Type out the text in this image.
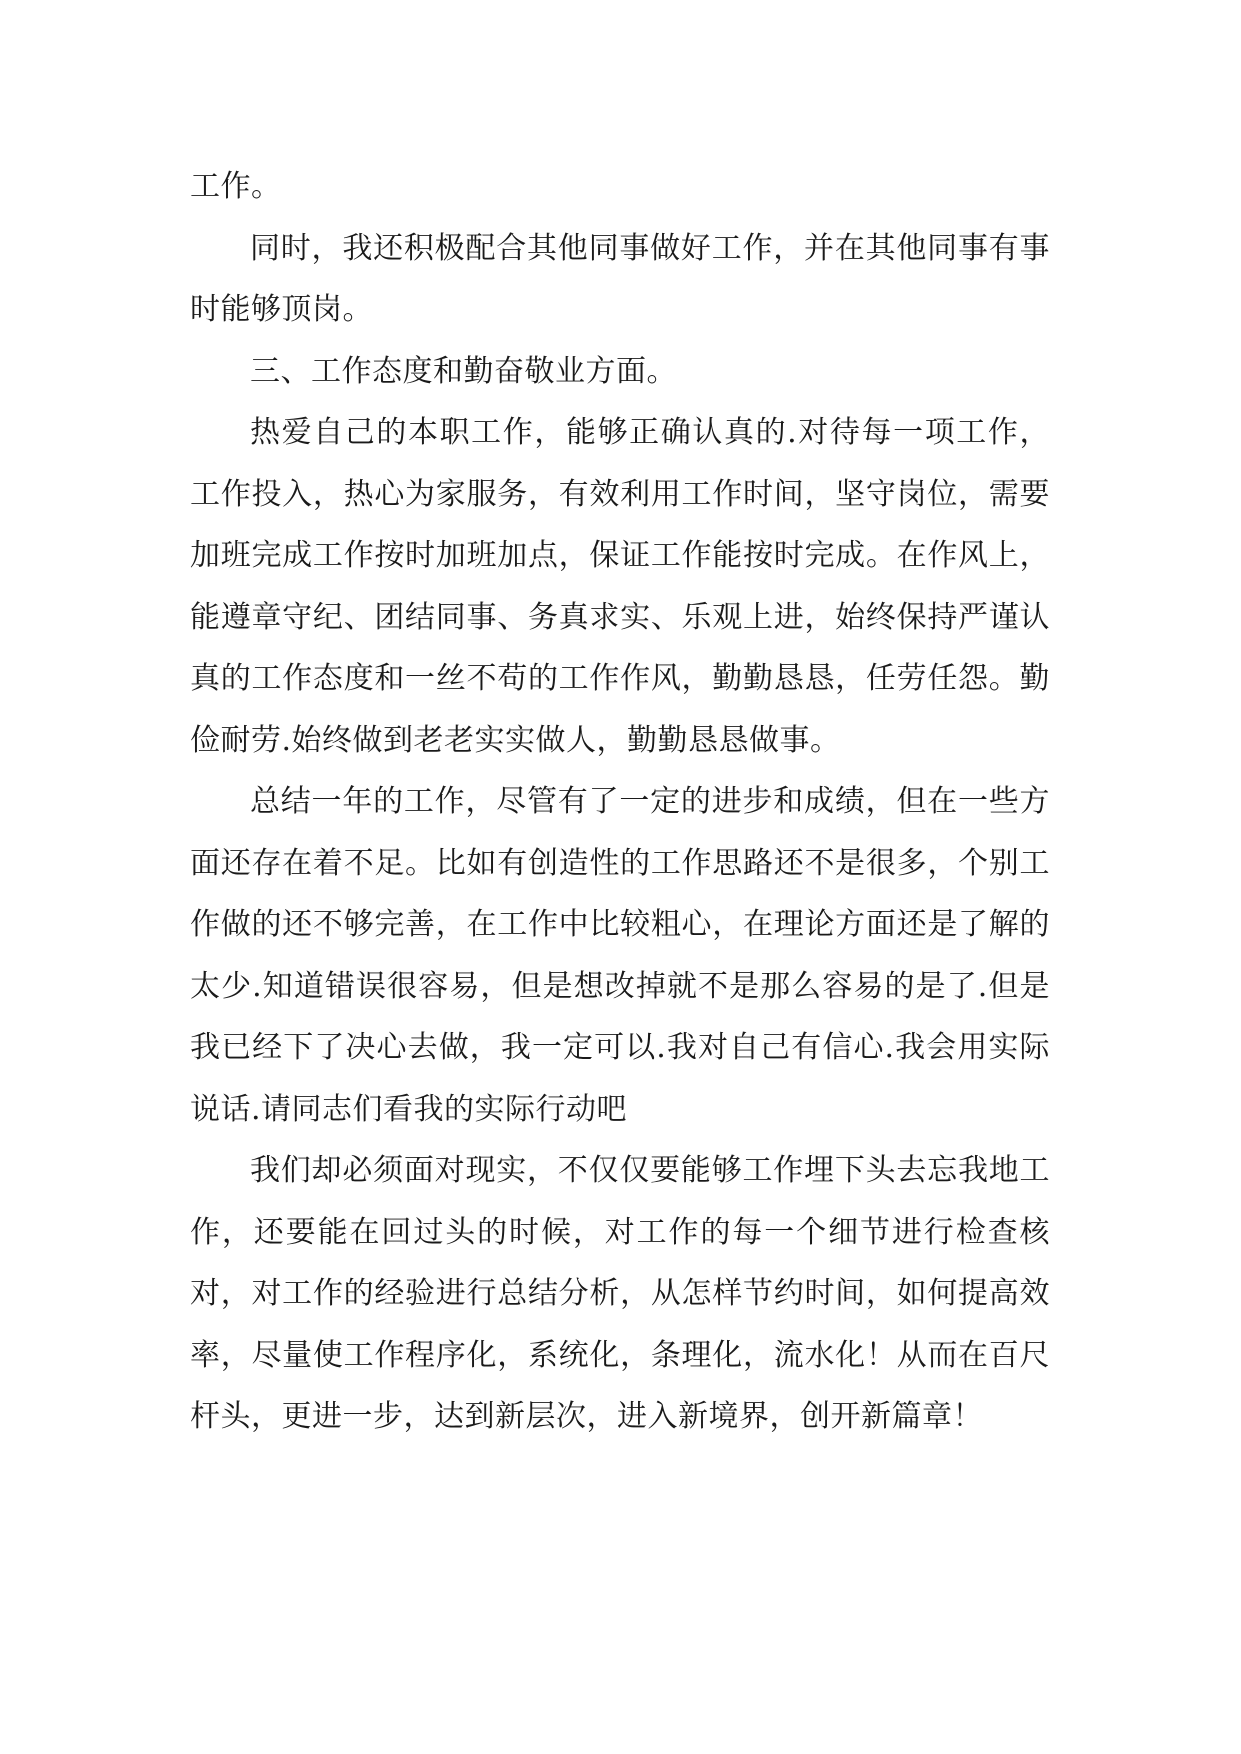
工作。

同时，我还积极配合其他同事做好工作，并在其他同事有事时能够顶岗。

三、工作态度和勤奋敬业方面。

热爱自己的本职工作，能够正确认真的.对待每一项工作，工作投入，热心为家服务，有效利用工作时间，坚守岗位，需要加班完成工作按时加班加点，保证工作能按时完成。在作风上，能遵章守纪、团结同事、务真求实、乐观上进，始终保持严谨认真的工作态度和一丝不苟的工作作风，勤勤恳恳，任劳任怨。勤俭耐劳.始终做到老老实实做人，勤勤恳恳做事。

总结一年的工作，尽管有了一定的进步和成绩，但在一些方面还存在着不足。比如有创造性的工作思路还不是很多，个别工作做的还不够完善，在工作中比较粗心，在理论方面还是了解的太少.知道错误很容易，但是想改掉就不是那么容易的是了.但是我已经下了决心去做，我一定可以.我对自己有信心.我会用实际说话.请同志们看我的实际行动吧

我们却必须面对现实，不仅仅要能够工作埋下头去忘我地工作，还要能在回过头的时候，对工作的每一个细节进行检查核对，对工作的经验进行总结分析，从怎样节约时间，如何提高效率，尽量使工作程序化，系统化，条理化，流水化！从而在百尺杆头，更进一步，达到新层次，进入新境界，创开新篇章！
